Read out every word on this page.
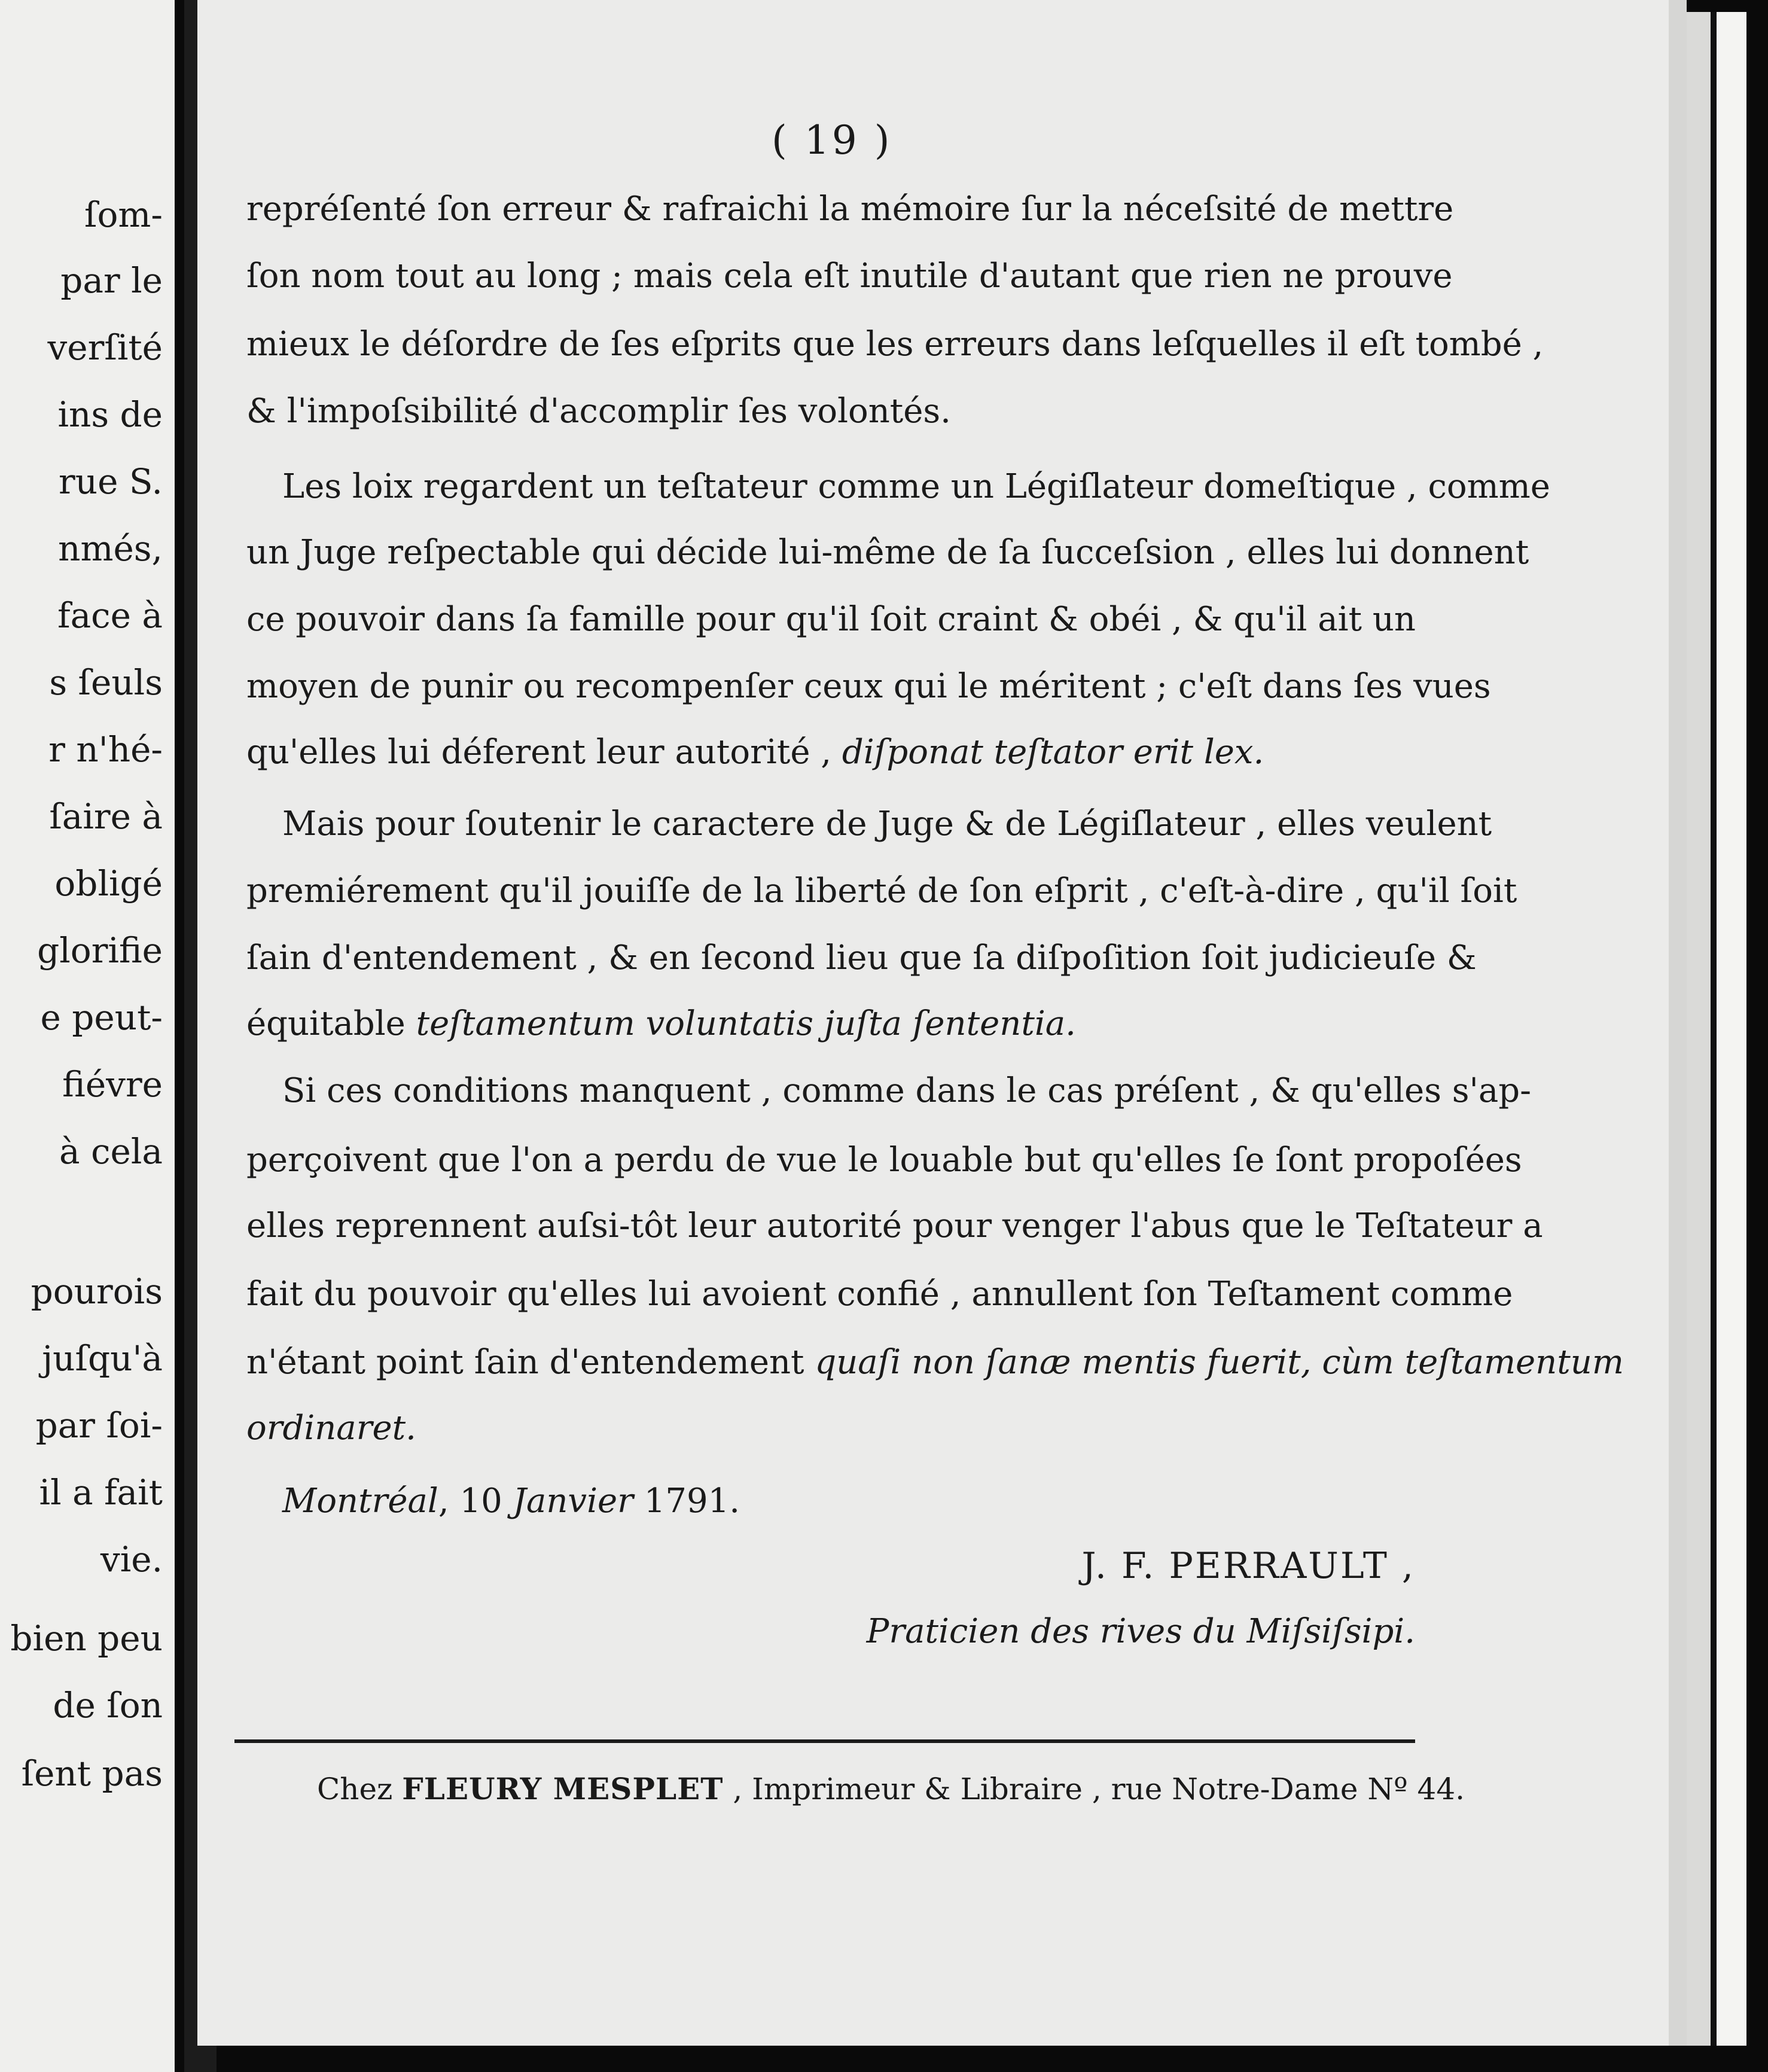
ſom-
par le
verſité
ins de
rue S.
nmés,
face à
s ſeuls
r n'hé-
ſaire à
obligé
glorifie
e peut-
fiévre
à cela
pourois
juſqu'à
par ſoi-
il a fait
vie.
bien peu
de ſon
ſent pas
( 19 )
repréſenté ſon erreur & rafraichi la mémoire ſur la néceſsité de mettre
ſon nom tout au long ; mais cela eſt inutile d'autant que rien ne prouve
mieux le déſordre de ſes eſprits que les erreurs dans leſquelles il eſt tombé ,
& l'impoſsibilité d'accomplir ſes volontés.
Les loix regardent un teſtateur comme un Légiſlateur domeſtique , comme
un Juge reſpectable qui décide lui-même de ſa ſucceſsion , elles lui donnent
ce pouvoir dans ſa famille pour qu'il ſoit craint & obéi , & qu'il ait un
moyen de punir ou recompenſer ceux qui le méritent ; c'eſt dans ſes vues
qu'elles lui déferent leur autorité , diſponat teſtator erit lex.
Mais pour ſoutenir le caractere de Juge & de Légiſlateur , elles veulent
premiérement qu'il jouiſſe de la liberté de ſon eſprit , c'eſt-à-dire , qu'il ſoit
ſain d'entendement , & en ſecond lieu que ſa diſpoſition ſoit judicieuſe &
équitable teſtamentum voluntatis juſta ſententia.
Si ces conditions manquent , comme dans le cas préſent , & qu'elles s'ap-
perçoivent que l'on a perdu de vue le louable but qu'elles ſe ſont propoſées
elles reprennent auſsi-tôt leur autorité pour venger l'abus que le Teſtateur a
fait du pouvoir qu'elles lui avoient confié , annullent ſon Teſtament comme
n'étant point ſain d'entendement quaſi non ſanæ mentis fuerit, cùm teſtamentum
ordinaret.
Montréal, 10 Janvier 1791.
J. F. PERRAULT ,
Praticien des rives du Miſsiſsipi.
Chez FLEURY MESPLET , Imprimeur & Libraire , rue Notre-Dame Nº 44.
